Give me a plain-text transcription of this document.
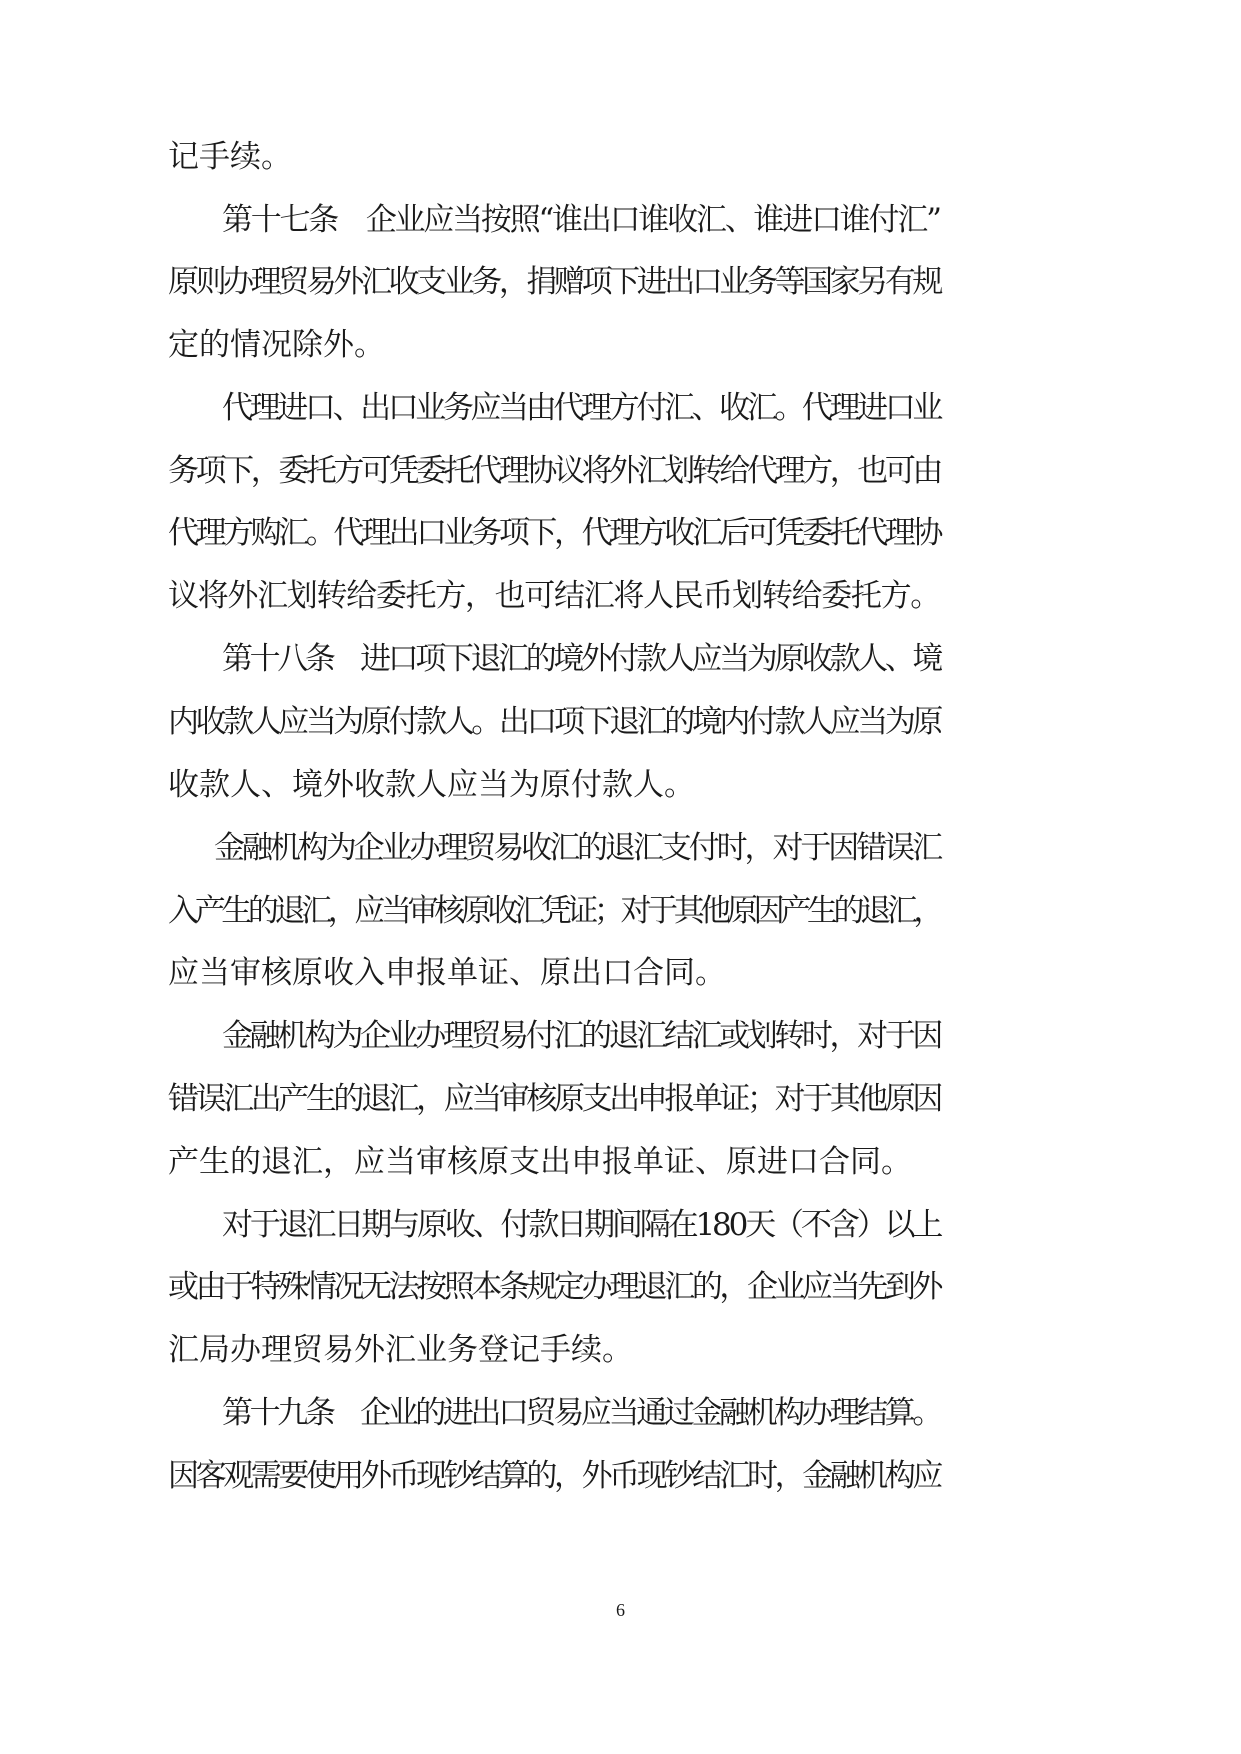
记手续。
第十七条　企业应当按照“谁出口谁收汇、谁进口谁付汇”
原则办理贸易外汇收支业务，捐赠项下进出口业务等国家另有规
定的情况除外。
代理进口、出口业务应当由代理方付汇、收汇。代理进口业
务项下，委托方可凭委托代理协议将外汇划转给代理方，也可由
代理方购汇。代理出口业务项下，代理方收汇后可凭委托代理协
议将外汇划转给委托方，也可结汇将人民币划转给委托方。
第十八条　进口项下退汇的境外付款人应当为原收款人、境
内收款人应当为原付款人。出口项下退汇的境内付款人应当为原
收款人、境外收款人应当为原付款人。
金融机构为企业办理贸易收汇的退汇支付时，对于因错误汇
入产生的退汇，应当审核原收汇凭证；对于其他原因产生的退汇，
应当审核原收入申报单证、原出口合同。
金融机构为企业办理贸易付汇的退汇结汇或划转时，对于因
错误汇出产生的退汇，应当审核原支出申报单证；对于其他原因
产生的退汇，应当审核原支出申报单证、原进口合同。
对于退汇日期与原收、付款日期间隔在180天（不含）以上
或由于特殊情况无法按照本条规定办理退汇的，企业应当先到外
汇局办理贸易外汇业务登记手续。
第十九条　企业的进出口贸易应当通过金融机构办理结算。
因客观需要使用外币现钞结算的，外币现钞结汇时，金融机构应
6
